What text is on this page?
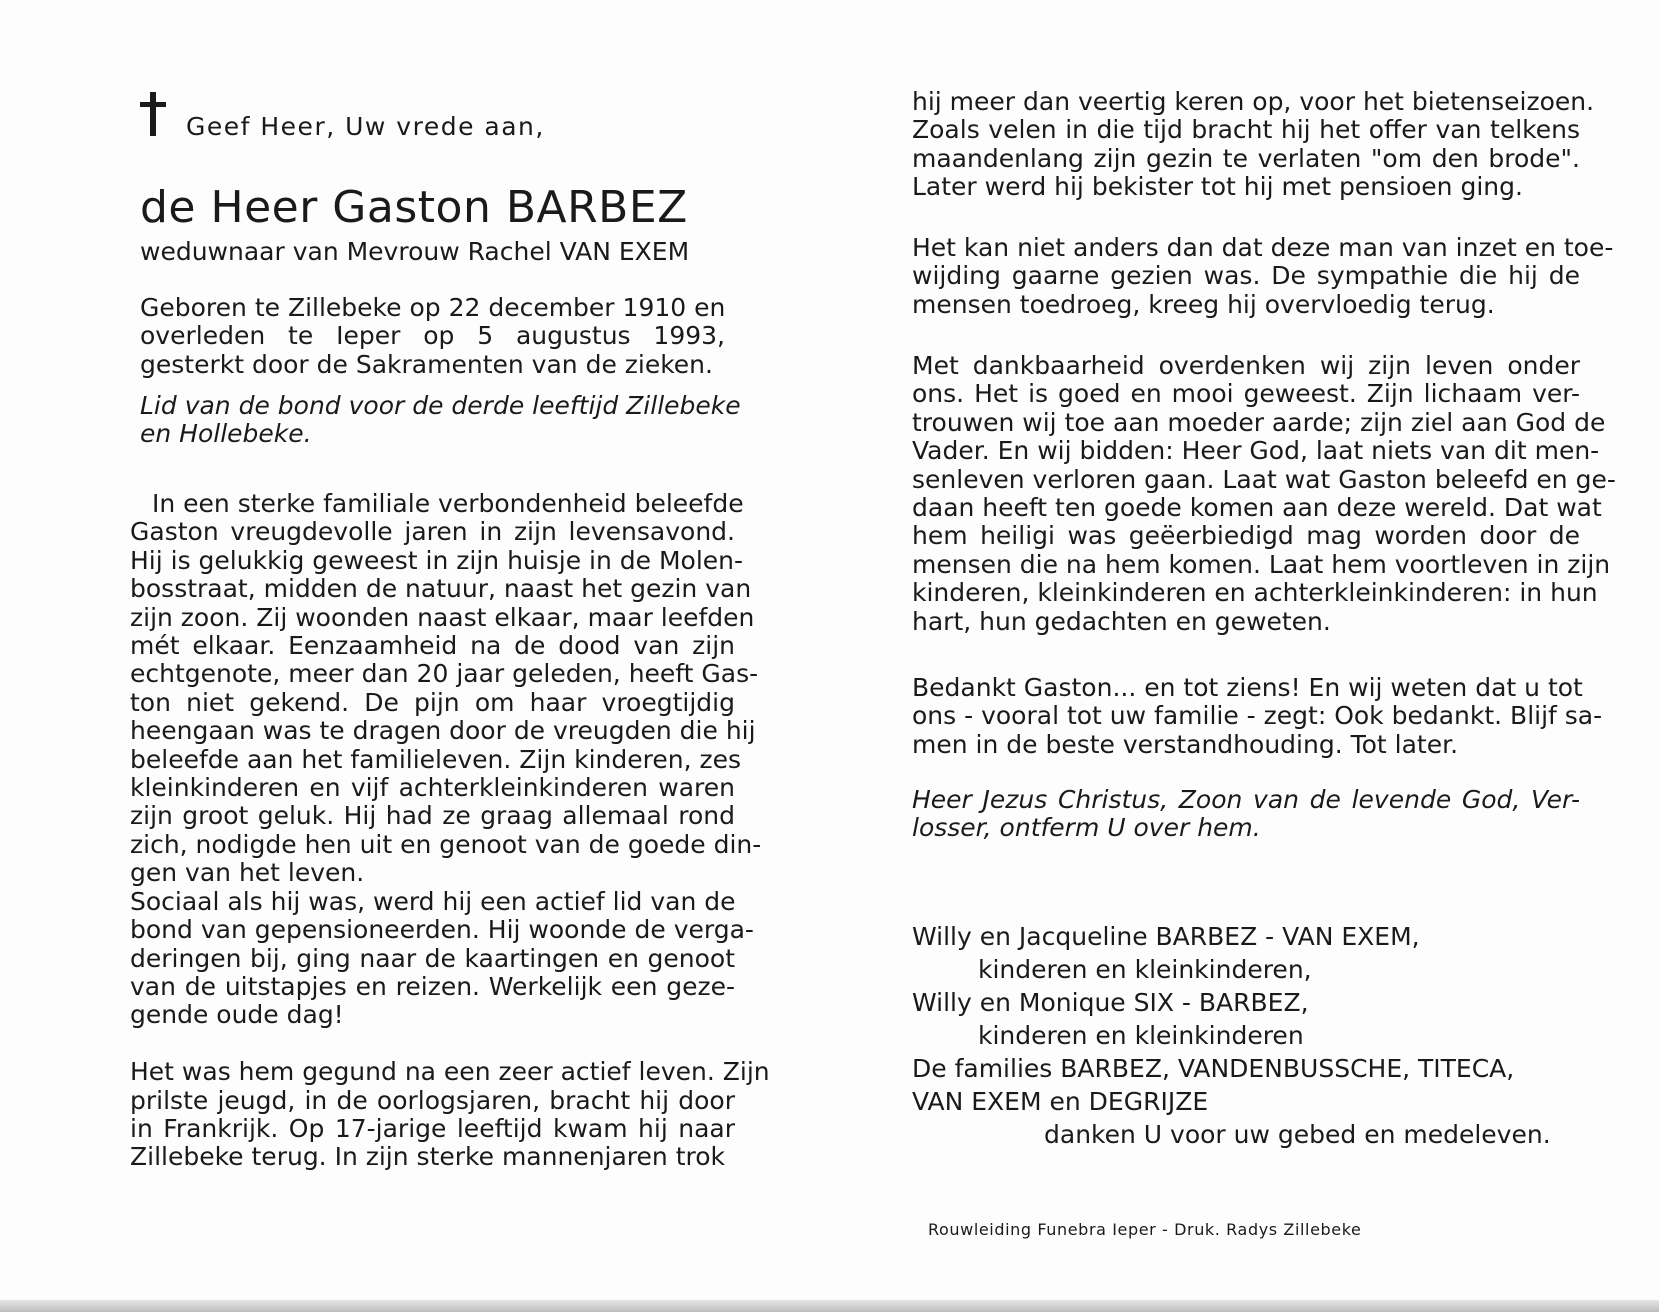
Geef Heer, Uw vrede aan,
de Heer Gaston BARBEZ
weduwnaar van Mevrouw Rachel VAN EXEM
Geboren te Zillebeke op 22 december 1910 en
overleden te Ieper op 5 augustus 1993,
gesterkt door de Sakramenten van de zieken.
Lid van de bond voor de derde leeftijd Zillebeke
en Hollebeke.
In een sterke familiale verbondenheid beleefde
Gaston vreugdevolle jaren in zijn levensavond.
Hij is gelukkig geweest in zijn huisje in de Molen-
bosstraat, midden de natuur, naast het gezin van
zijn zoon. Zij woonden naast elkaar, maar leefden
mét elkaar. Eenzaamheid na de dood van zijn
echtgenote, meer dan 20 jaar geleden, heeft Gas-
ton niet gekend. De pijn om haar vroegtijdig
heengaan was te dragen door de vreugden die hij
beleefde aan het familieleven. Zijn kinderen, zes
kleinkinderen en vijf achterkleinkinderen waren
zijn groot geluk. Hij had ze graag allemaal rond
zich, nodigde hen uit en genoot van de goede din-
gen van het leven.
Sociaal als hij was, werd hij een actief lid van de
bond van gepensioneerden. Hij woonde de verga-
deringen bij, ging naar de kaartingen en genoot
van de uitstapjes en reizen. Werkelijk een geze-
gende oude dag!

Het was hem gegund na een zeer actief leven. Zijn
prilste jeugd, in de oorlogsjaren, bracht hij door
in Frankrijk. Op 17-jarige leeftijd kwam hij naar
Zillebeke terug. In zijn sterke mannenjaren trok
hij meer dan veertig keren op, voor het bietenseizoen.
Zoals velen in die tijd bracht hij het offer van telkens
maandenlang zijn gezin te verlaten "om den brode".
Later werd hij bekister tot hij met pensioen ging.
Het kan niet anders dan dat deze man van inzet en toe-
wijding gaarne gezien was. De sympathie die hij de
mensen toedroeg, kreeg hij overvloedig terug.
Met dankbaarheid overdenken wij zijn leven onder
ons. Het is goed en mooi geweest. Zijn lichaam ver-
trouwen wij toe aan moeder aarde; zijn ziel aan God de
Vader. En wij bidden: Heer God, laat niets van dit men-
senleven verloren gaan. Laat wat Gaston beleefd en ge-
daan heeft ten goede komen aan deze wereld. Dat wat
hem heiligi was geëerbiedigd mag worden door de
mensen die na hem komen. Laat hem voortleven in zijn
kinderen, kleinkinderen en achterkleinkinderen: in hun
hart, hun gedachten en geweten.
Bedankt Gaston... en tot ziens! En wij weten dat u tot
ons - vooral tot uw familie - zegt: Ook bedankt. Blijf sa-
men in de beste verstandhouding. Tot later.
Heer Jezus Christus, Zoon van de levende God, Ver-
losser, ontferm U over hem.
Willy en Jacqueline BARBEZ - VAN EXEM,
kinderen en kleinkinderen,
Willy en Monique SIX - BARBEZ,
kinderen en kleinkinderen
De families BARBEZ, VANDENBUSSCHE, TITECA,
VAN EXEM en DEGRIJZE
danken U voor uw gebed en medeleven.
Rouwleiding Funebra Ieper - Druk. Radys Zillebeke
